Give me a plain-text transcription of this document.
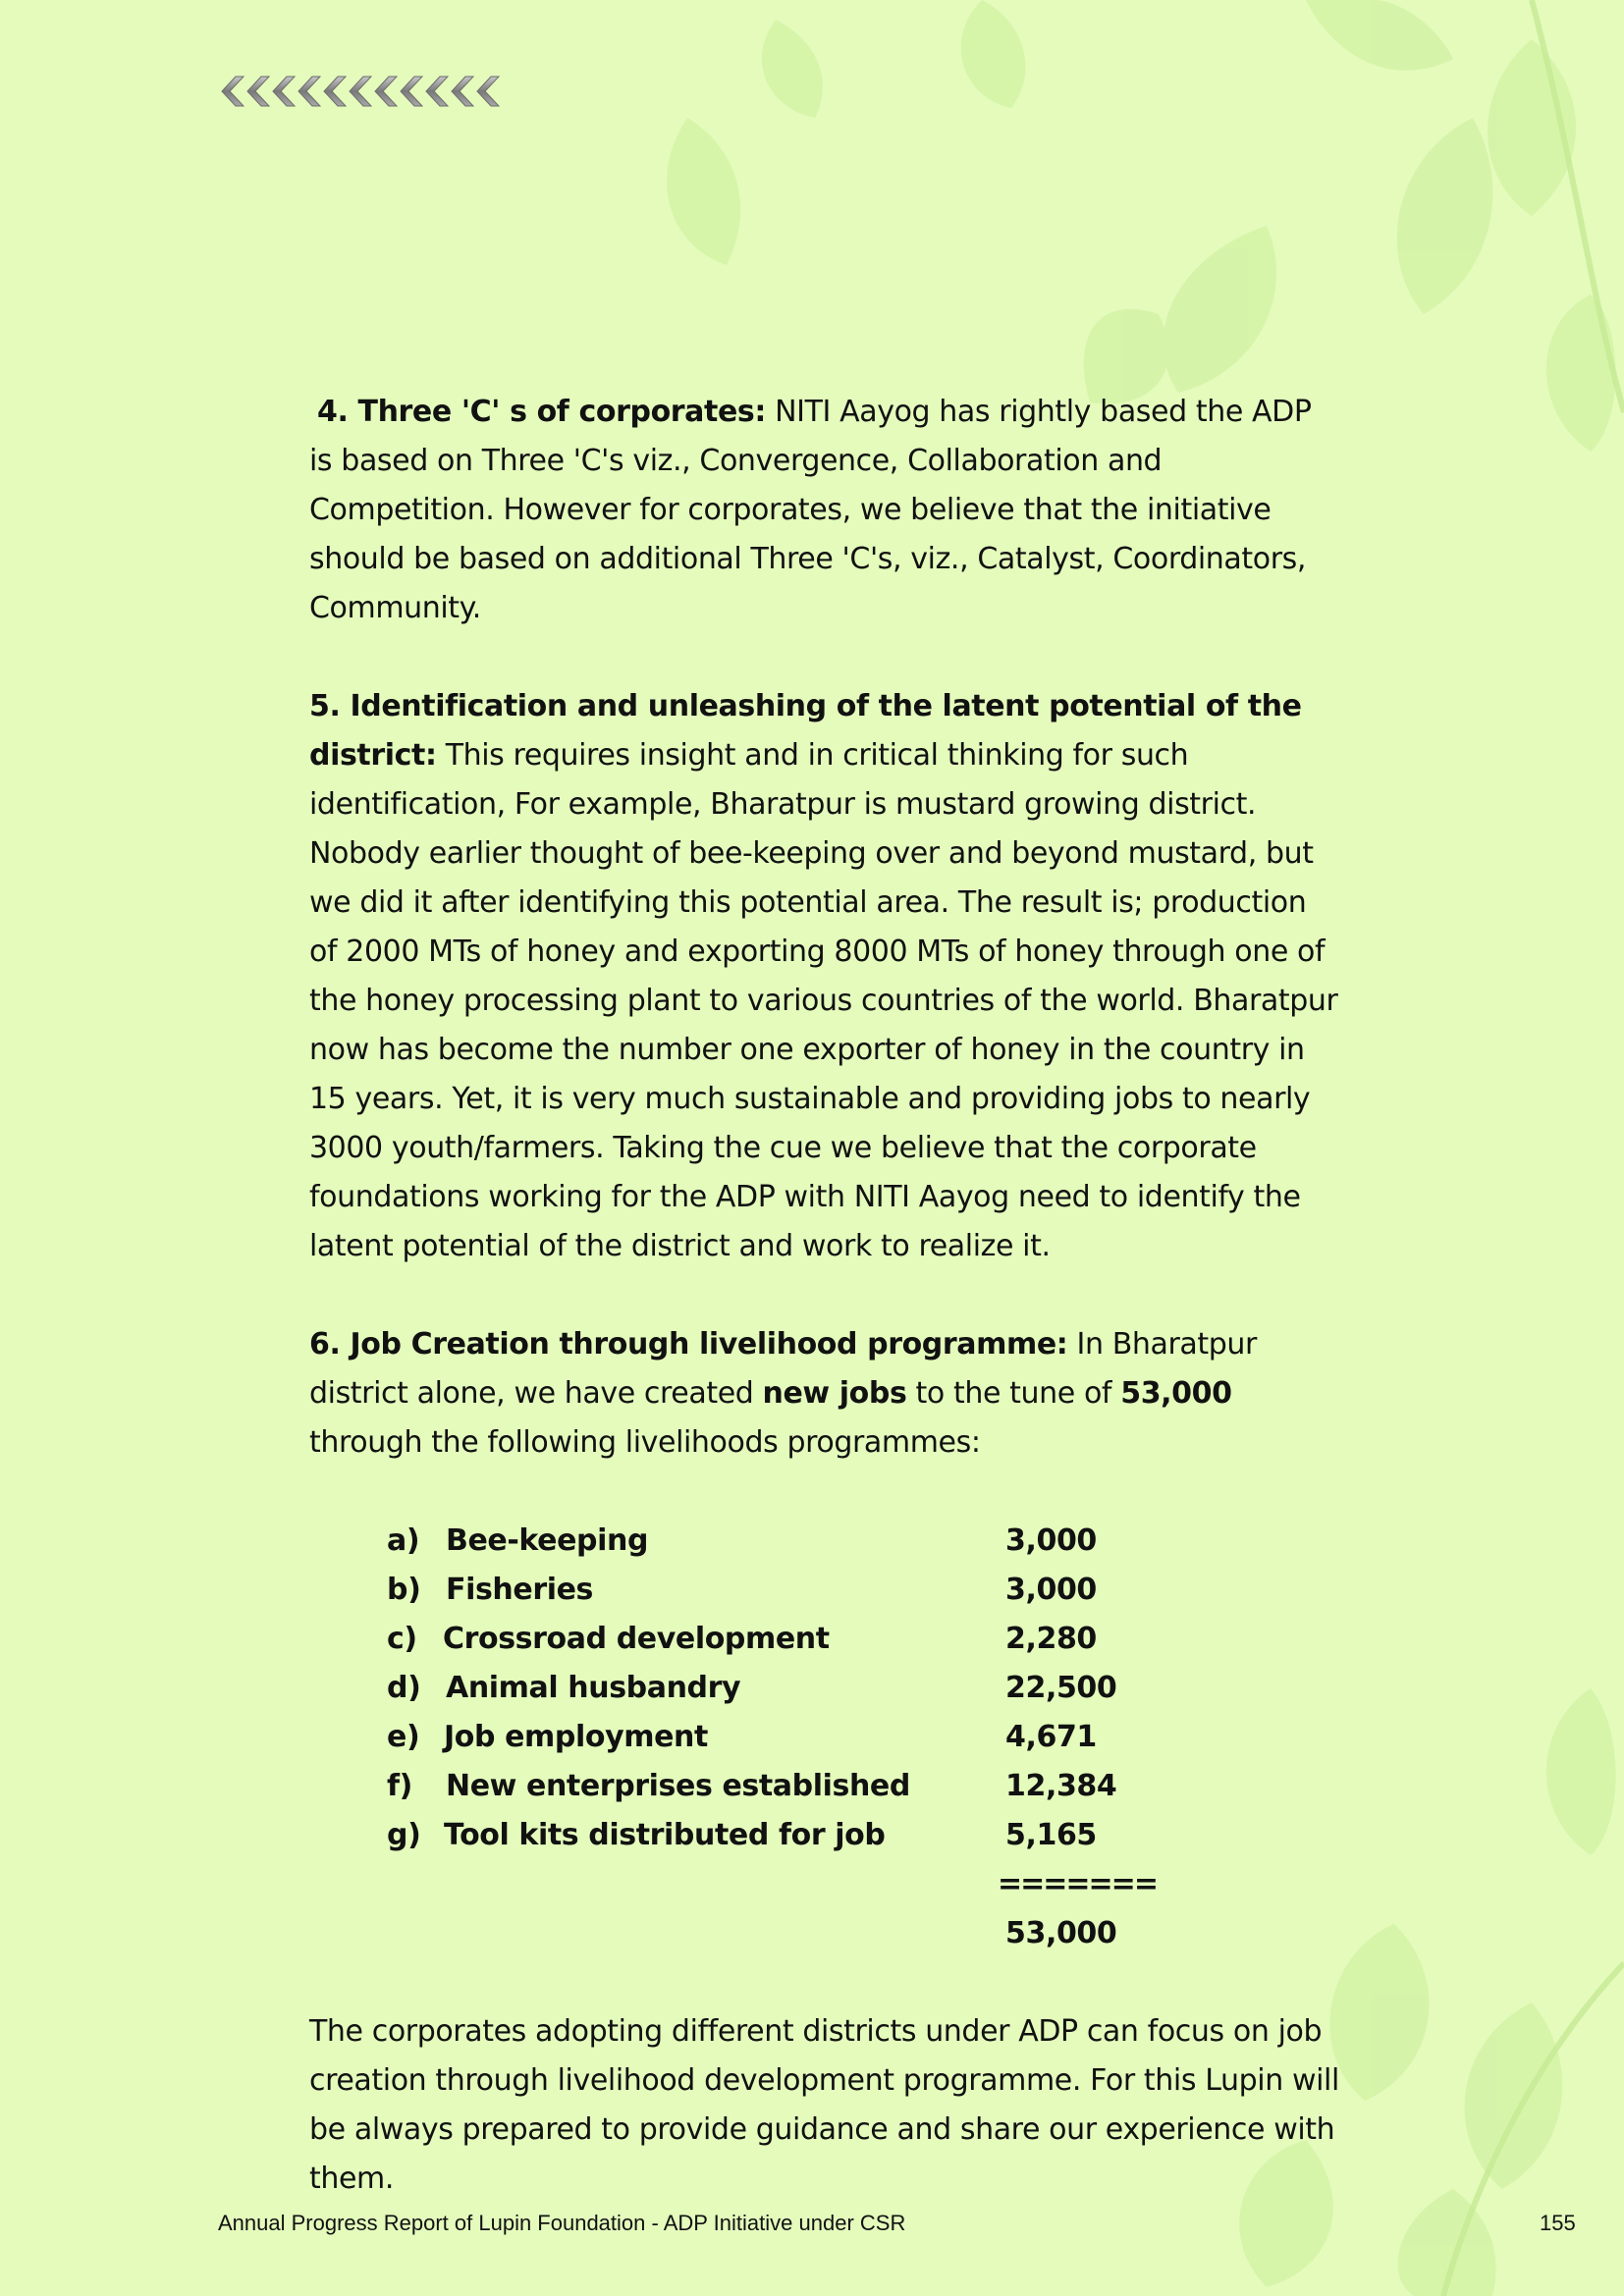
4. Three 'C' s of corporates: NITI Aayog has rightly based the ADP is based on Three 'C's viz., Convergence, Collaboration and Competition. However for corporates, we believe that the initiative should be based on additional Three 'C's, viz., Catalyst, Coordinators, Community.

5. Identification and unleashing of the latent potential of the district: This requires insight and in critical thinking for such identification, For example, Bharatpur is mustard growing district. Nobody earlier thought of bee-keeping over and beyond mustard, but we did it after identifying this potential area. The result is; production of 2000 MTs of honey and exporting 8000 MTs of honey through one of the honey processing plant to various countries of the world. Bharatpur now has become the number one exporter of honey in the country in 15 years. Yet, it is very much sustainable and providing jobs to nearly 3000 youth/farmers. Taking the cue we believe that the corporate foundations working for the ADP with NITI Aayog need to identify the latent potential of the district and work to realize it.

6. Job Creation through livelihood programme: In Bharatpur district alone, we have created new jobs to the tune of 53,000 through the following livelihoods programmes:

a) Bee-keeping	3,000
b) Fisheries	3,000
c) Crossroad development	2,280
d) Animal husbandry	22,500
e) Job employment	4,671
f) New enterprises established	12,384
g) Tool kits distributed for job	5,165
=======
53,000

The corporates adopting different districts under ADP can focus on job creation through livelihood development programme. For this Lupin will be always prepared to provide guidance and share our experience with them.

Annual Progress Report of Lupin Foundation - ADP Initiative under CSR	155
